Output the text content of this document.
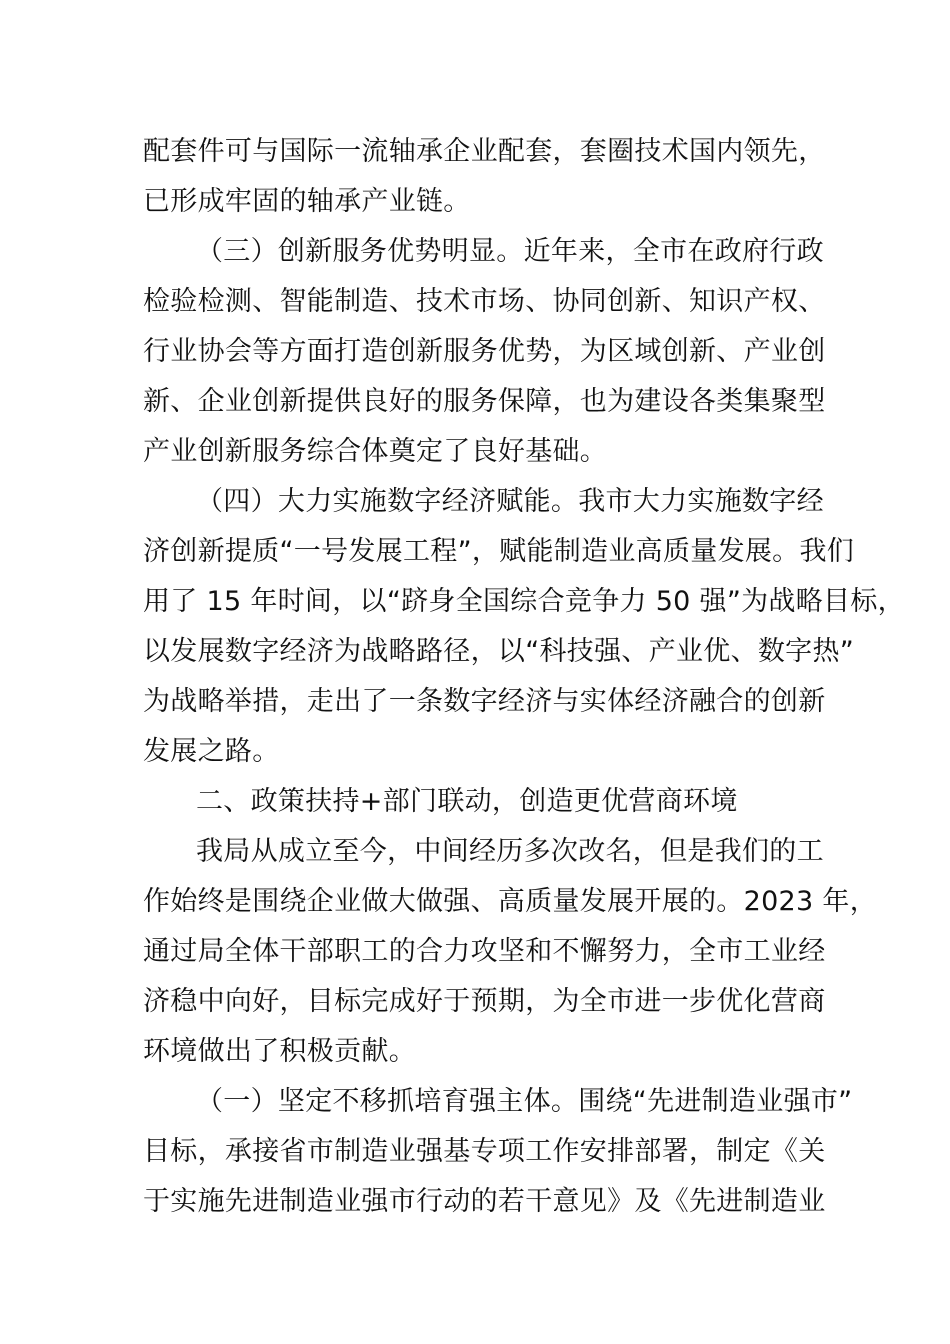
配套件可与国际一流轴承企业配套，套圈技术国内领先，
已形成牢固的轴承产业链。
（三）创新服务优势明显。近年来，全市在政府行政
检验检测、智能制造、技术市场、协同创新、知识产权、
行业协会等方面打造创新服务优势，为区域创新、产业创
新、企业创新提供良好的服务保障，也为建设各类集聚型
产业创新服务综合体奠定了良好基础。
（四）大力实施数字经济赋能。我市大力实施数字经
济创新提质“一号发展工程”，赋能制造业高质量发展。我们
用了 15 年时间，以“跻身全国综合竞争力 50 强”为战略目标，
以发展数字经济为战略路径，以“科技强、产业优、数字热”
为战略举措，走出了一条数字经济与实体经济融合的创新
发展之路。
二、政策扶持+部门联动，创造更优营商环境
我局从成立至今，中间经历多次改名，但是我们的工
作始终是围绕企业做大做强、高质量发展开展的。2023 年，
通过局全体干部职工的合力攻坚和不懈努力，全市工业经
济稳中向好，目标完成好于预期，为全市进一步优化营商
环境做出了积极贡献。
（一）坚定不移抓培育强主体。围绕“先进制造业强市”
目标，承接省市制造业强基专项工作安排部署，制定《关
于实施先进制造业强市行动的若干意见》及《先进制造业
